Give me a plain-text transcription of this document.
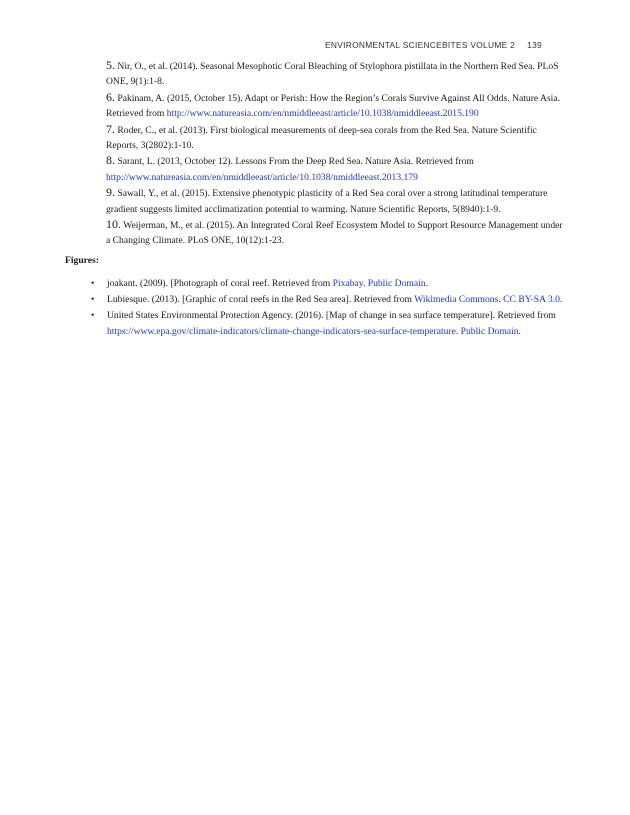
ENVIRONMENTAL SCIENCEBITES VOLUME 2 139

5. Nir, O., et al. (2014). Seasonal Mesophotic Coral Bleaching of Stylophora pistillata in the Northern Red Sea. PLoS ONE, 9(1):1-8.

6. Pakinam, A. (2015, October 15). Adapt or Perish: How the Region’s Corals Survive Against All Odds. Nature Asia. Retrieved from http://www.natureasia.com/en/nmiddleeast/article/10.1038/nmiddleeast.2015.190

7. Roder, C., et al. (2013). First biological measurements of deep-sea corals from the Red Sea. Nature Scientific Reports, 3(2802):1-10.

8. Sarant, L. (2013, October 12). Lessons From the Deep Red Sea. Nature Asia. Retrieved from http://www.natureasia.com/en/nmiddleeast/article/10.1038/nmiddleeast.2013.179

9. Sawall, Y., et al. (2015). Extensive phenotypic plasticity of a Red Sea coral over a strong latitudinal temperature gradient suggests limited acclimatization potential to warming. Nature Scientific Reports, 5(8940):1-9.

10. Weijerman, M., et al. (2015). An Integrated Coral Reef Ecosystem Model to Support Resource Management under a Changing Climate. PLoS ONE, 10(12):1-23.

Figures:

• joakant. (2009). [Photograph of coral reef. Retrieved from Pixabay. Public Domain.
• Lubiesque. (2013). [Graphic of coral reefs in the Red Sea area]. Retrieved from Wikimedia Commons. CC BY-SA 3.0.
• United States Environmental Protection Agency. (2016). [Map of change in sea surface temperature]. Retrieved from https://www.epa.gov/climate-indicators/climate-change-indicators-sea-surface-temperature. Public Domain.
